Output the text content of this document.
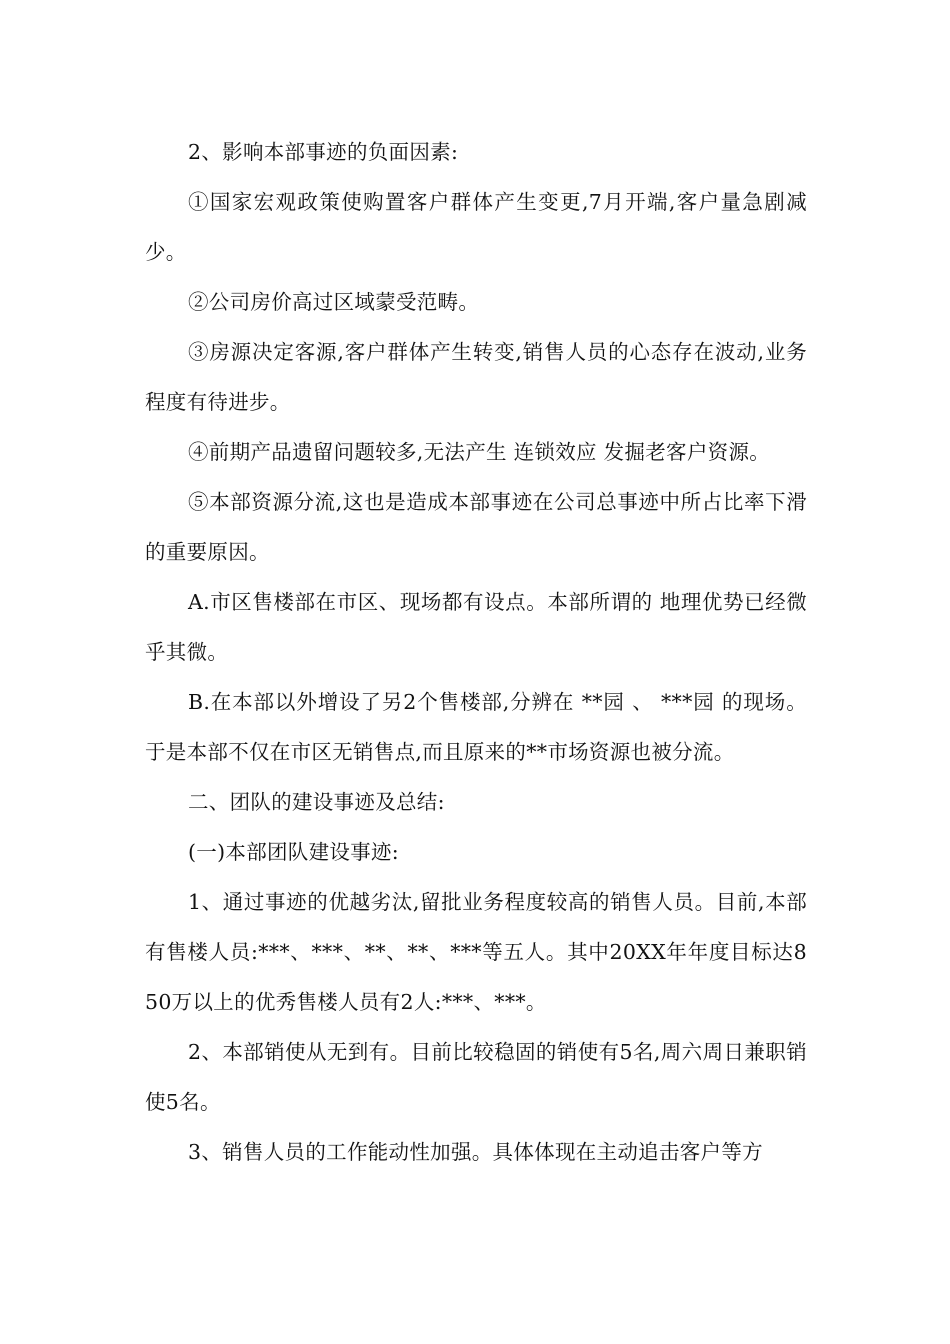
2、影响本部事迹的负面因素:

①国家宏观政策使购置客户群体产生变更,7月开端,客户量急剧减少。

②公司房价高过区域蒙受范畴。

③房源决定客源,客户群体产生转变,销售人员的心态存在波动,业务程度有待进步。

④前期产品遗留问题较多,无法产生 连锁效应 发掘老客户资源。

⑤本部资源分流,这也是造成本部事迹在公司总事迹中所占比率下滑的重要原因。

A.市区售楼部在市区、现场都有设点。本部所谓的 地理优势已经微乎其微。

B.在本部以外增设了另2个售楼部,分辨在 **园 、 ***园 的现场。于是本部不仅在市区无销售点,而且原来的**市场资源也被分流。

二、团队的建设事迹及总结:

(一)本部团队建设事迹:

1、通过事迹的优越劣汰,留批业务程度较高的销售人员。目前,本部有售楼人员:***、***、**、**、***等五人。其中20XX年年度目标达850万以上的优秀售楼人员有2人:***、***。

2、本部销使从无到有。目前比较稳固的销使有5名,周六周日兼职销使5名。

3、销售人员的工作能动性加强。具体体现在主动追击客户等方
